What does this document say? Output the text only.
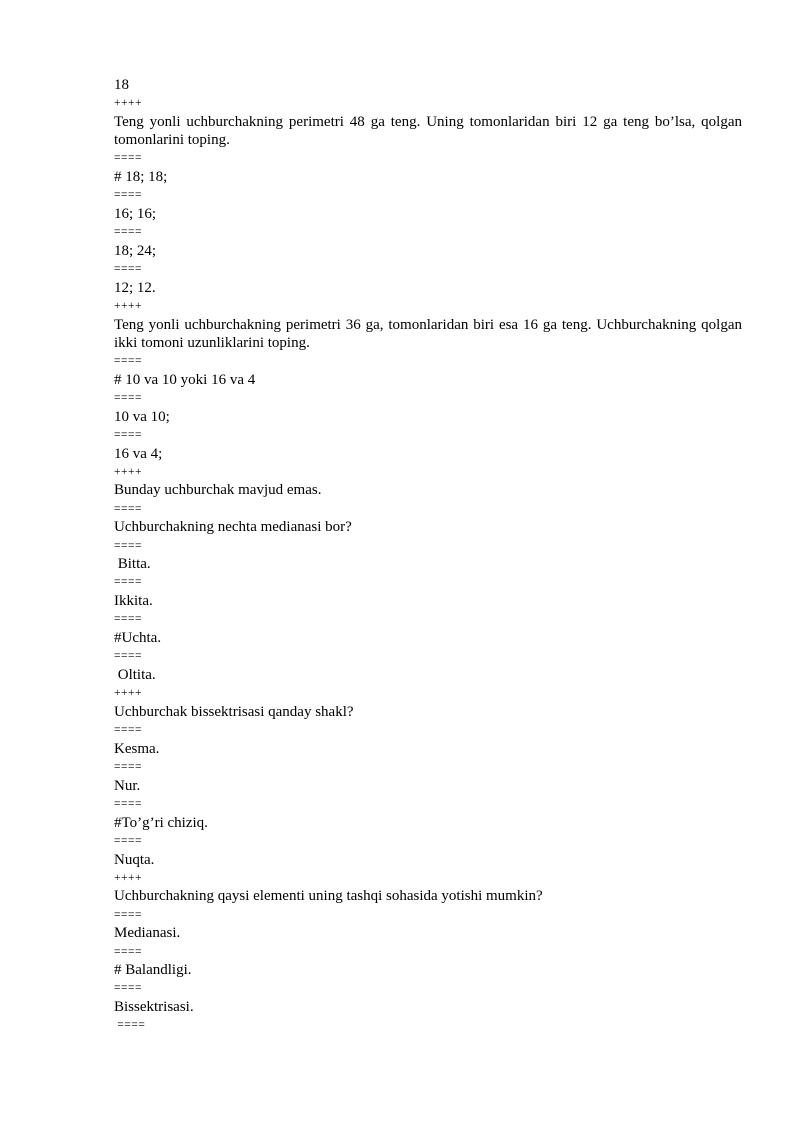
18

++++

Teng yonli uchburchakning perimetri 48 ga teng. Uning tomonlaridan biri 12 ga teng bo’lsa, qolgan tomonlarini toping.

====

# 18; 18;

====

16; 16;

====

18; 24;

====

12; 12.

++++

Teng yonli uchburchakning perimetri 36 ga, tomonlaridan biri esa 16 ga teng. Uchburchakning qolgan ikki tomoni uzunliklarini toping.

====

# 10 va 10 yoki 16 va 4

====

10 va 10;

====

16 va 4;

++++

Bunday uchburchak mavjud emas.

====

Uchburchakning nechta medianasi bor?

====

Bitta.

====

Ikkita.

====

#Uchta.

====

Oltita.

++++

Uchburchak bissektrisasi qanday shakl?

====

Kesma.

====

Nur.

====

#To’g’ri chiziq.

====

Nuqta.

++++

Uchburchakning qaysi elementi uning tashqi sohasida yotishi mumkin?

====

Medianasi.

====

# Balandligi.

====

Bissektrisasi.

====
